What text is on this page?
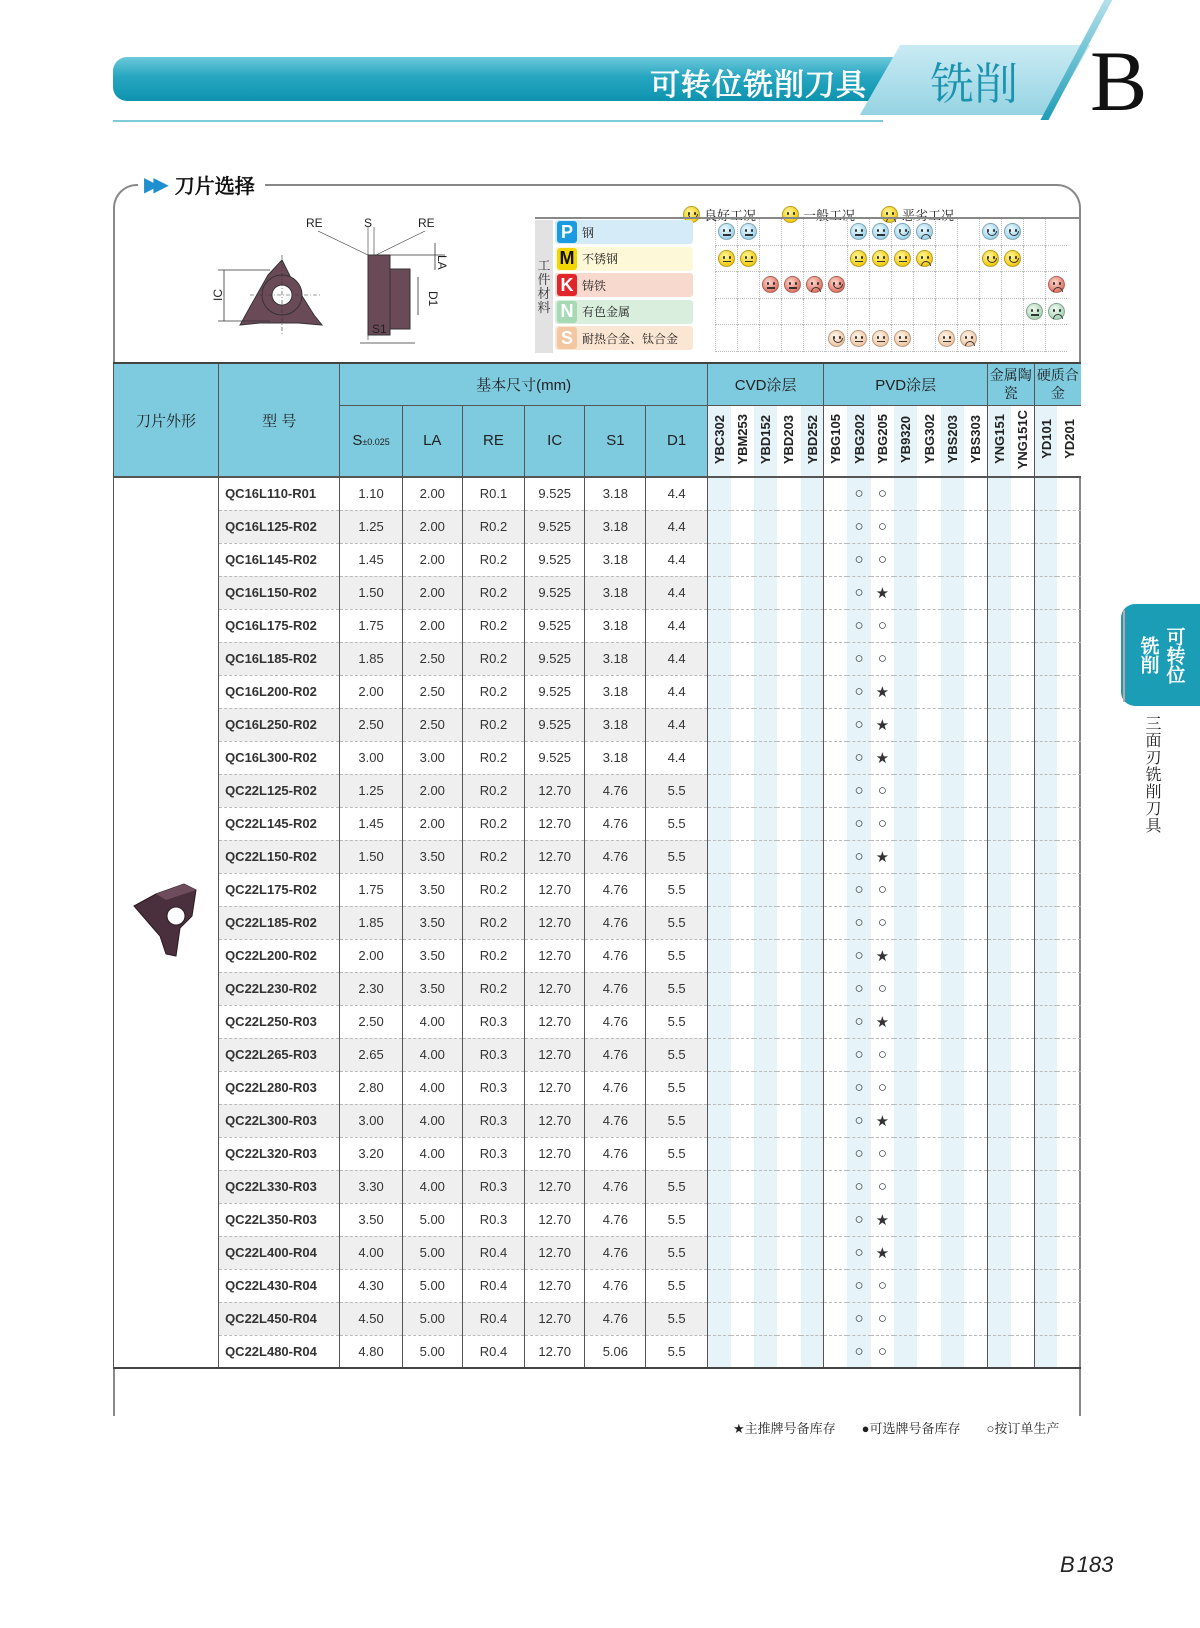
可转位铣削刀具 铣削 B
▶▶ 刀片选择
IC
RE	S	RE
LA
D1
S1
良好工况	一般工况	恶劣工况
工
件
材
料
P 钢
M 不锈钢
K 铸铁
N 有色金属
S 耐热合金、钛合金
刀片外形	型 号	基本尺寸(mm)						CVD涂层					PVD涂层							金属陶瓷		硬质合金	
		S±0.025	LA	RE	IC	S1	D1	YBC302	YBM253	YBD152	YBD203	YBD252	YBG105	YBG202	YBG205	YB9320	YBG302	YBS203	YBS303	YNG151	YNG151C	YD101	YD201
	QC16L110-R01	1.10	2.00	R0.1	9.525	3.18	4.4							○	○								
	QC16L125-R02	1.25	2.00	R0.2	9.525	3.18	4.4							○	○								
	QC16L145-R02	1.45	2.00	R0.2	9.525	3.18	4.4							○	○								
	QC16L150-R02	1.50	2.00	R0.2	9.525	3.18	4.4							○	★								
	QC16L175-R02	1.75	2.00	R0.2	9.525	3.18	4.4							○	○								
	QC16L185-R02	1.85	2.50	R0.2	9.525	3.18	4.4							○	○								
	QC16L200-R02	2.00	2.50	R0.2	9.525	3.18	4.4							○	★								
	QC16L250-R02	2.50	2.50	R0.2	9.525	3.18	4.4							○	★								
	QC16L300-R02	3.00	3.00	R0.2	9.525	3.18	4.4							○	★								
	QC22L125-R02	1.25	2.00	R0.2	12.70	4.76	5.5							○	○								
	QC22L145-R02	1.45	2.00	R0.2	12.70	4.76	5.5							○	○								
	QC22L150-R02	1.50	3.50	R0.2	12.70	4.76	5.5							○	★								
	QC22L175-R02	1.75	3.50	R0.2	12.70	4.76	5.5							○	○								
	QC22L185-R02	1.85	3.50	R0.2	12.70	4.76	5.5							○	○								
	QC22L200-R02	2.00	3.50	R0.2	12.70	4.76	5.5							○	★								
	QC22L230-R02	2.30	3.50	R0.2	12.70	4.76	5.5							○	○								
	QC22L250-R03	2.50	4.00	R0.3	12.70	4.76	5.5							○	★								
	QC22L265-R03	2.65	4.00	R0.3	12.70	4.76	5.5							○	○								
	QC22L280-R03	2.80	4.00	R0.3	12.70	4.76	5.5							○	○								
	QC22L300-R03	3.00	4.00	R0.3	12.70	4.76	5.5							○	★								
	QC22L320-R03	3.20	4.00	R0.3	12.70	4.76	5.5							○	○								
	QC22L330-R03	3.30	4.00	R0.3	12.70	4.76	5.5							○	○								
	QC22L350-R03	3.50	5.00	R0.3	12.70	4.76	5.5							○	★								
	QC22L400-R04	4.00	5.00	R0.4	12.70	4.76	5.5							○	★								
	QC22L430-R04	4.30	5.00	R0.4	12.70	4.76	5.5							○	○								
	QC22L450-R04	4.50	5.00	R0.4	12.70	4.76	5.5							○	○								
	QC22L480-R04	4.80	5.00	R0.4	12.70	5.06	5.5							○	○								
★主推牌号备库存 ●可选牌号备库存 ○按订单生产
铣削 可转位
三面刃铣削刀具
B183
